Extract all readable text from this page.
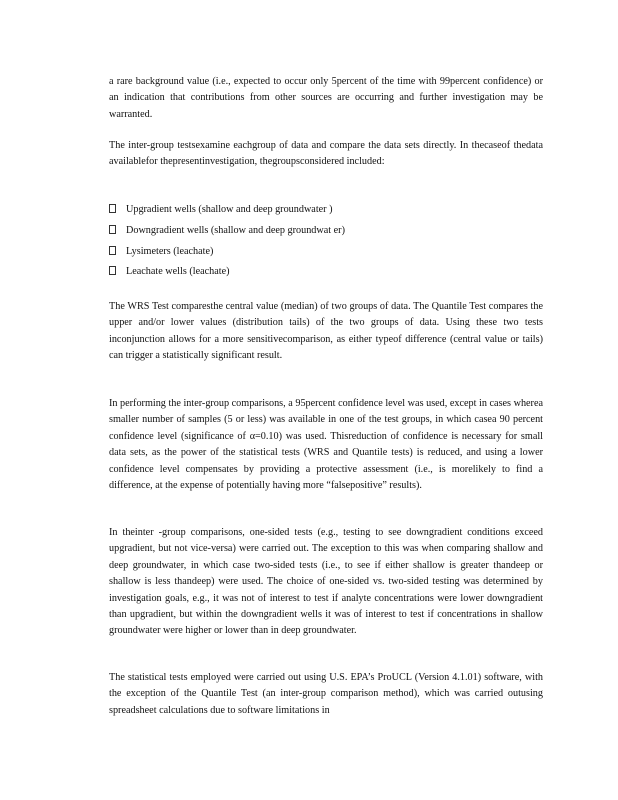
a rare background value (i.e., expected to occur only 5percent of the time with 99percent confidence) or an indication that contributions from other sources are occurring and further investigation may be warranted.

The inter-group testsexamine eachgroup of data and compare the data sets directly. In thecaseof thedata availablefor thepresentinvestigation, thegroupsconsidered included:

Upgradient wells (shallow and deep groundwater )
Downgradient wells (shallow and deep groundwat er)
Lysimeters (leachate)
Leachate wells (leachate)

The WRS Test comparesthe central value (median) of two groups of data. The Quantile Test compares the upper and/or lower values (distribution tails) of the two groups of data. Using these two tests inconjunction allows for a more sensitivecomparison, as either typeof difference (central value or tails) can trigger a statistically significant result.

In performing the inter-group comparisons, a 95percent confidence level was used, except in cases wherea smaller number of samples (5 or less) was available in one of the test groups, in which casea 90 percent confidence level (significance of α=0.10) was used. Thisreduction of confidence is necessary for small data sets, as the power of the statistical tests (WRS and Quantile tests) is reduced, and using a lower confidence level compensates by providing a protective assessment (i.e., is morelikely to find a difference, at the expense of potentially having more “falsepositive” results).

In theinter -group comparisons, one-sided tests (e.g., testing to see downgradient conditions exceed upgradient, but not vice-versa) were carried out. The exception to this was when comparing shallow and deep groundwater, in which case two-sided tests (i.e., to see if either shallow is greater thandeep or shallow is less thandeep) were used. The choice of one-sided vs. two-sided testing was determined by investigation goals, e.g., it was not of interest to test if analyte concentrations were lower downgradient than upgradient, but within the downgradient wells it was of interest to test if concentrations in shallow groundwater were higher or lower than in deep groundwater.

The statistical tests employed were carried out using U.S. EPA’s ProUCL (Version 4.1.01) software, with the exception of the Quantile Test (an inter-group comparison method), which was carried outusing spreadsheet calculations due to software limitations in
